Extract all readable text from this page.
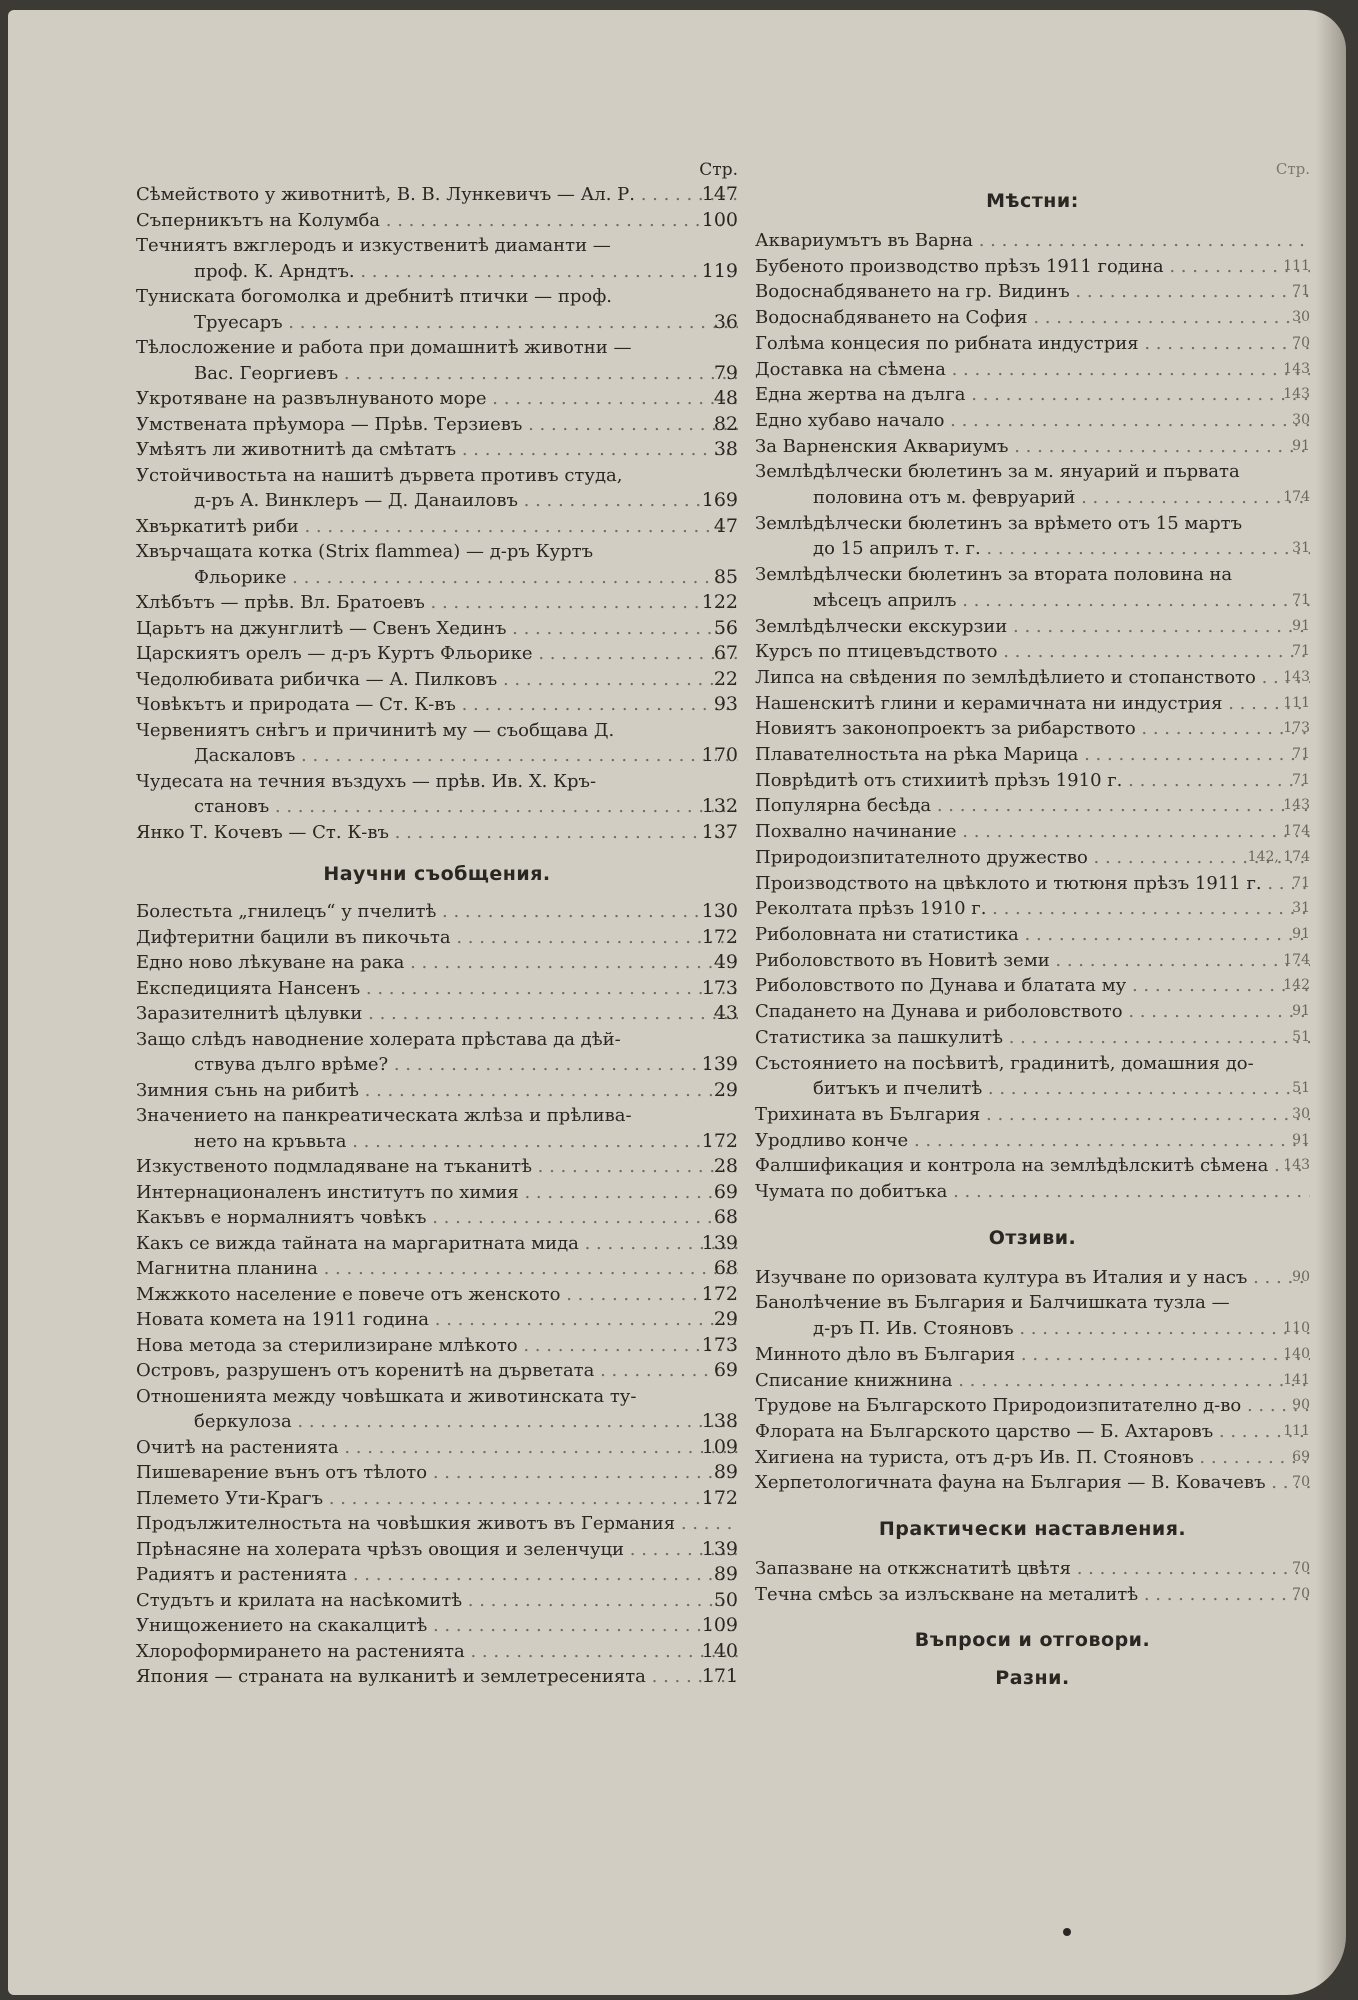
Стр.
Сѣмейството у животнитѣ, В. В. Лункевичъ — Ал. Р. . . .	147
Съперникътъ на Колумба . . .	100
Течниятъ вжглеродъ и изкуственитѣ диаманти —
проф. К. Арндтъ. . . .	119
Туниската богомолка и дребнитѣ птички — проф.
Труесаръ . . .	36
Тѣлосложение и работа при домашнитѣ животни —
Вас. Георгиевъ . . .	79
Укротяване на развълнуваното море . . .	48
Умствената прѣумора — Прѣв. Терзиевъ . . .	82
Умѣятъ ли животнитѣ да смѣтатъ . . .	38
Устойчивостьта на нашитѣ дървета противъ студа,
д-ръ А. Винклеръ — Д. Данаиловъ . . .	169
Хвъркатитѣ риби . . .	47
Хвърчащата котка (Strix flammea) — д-ръ Куртъ
Фльорике . . .	85
Хлѣбътъ — прѣв. Вл. Братоевъ . . .	122
Царьтъ на джунглитѣ — Свенъ Хединъ . . .	56
Царскиятъ орелъ — д-ръ Куртъ Фльорике . . .	67
Чедолюбивата рибичка — А. Пилковъ . . .	22
Човѣкътъ и природата — Ст. К-въ . . .	93
Червениятъ снѣгъ и причинитѣ му — съобщава Д.
Даскаловъ . . .	170
Чудесата на течния въздухъ — прѣв. Ив. Х. Кръ-
становъ . . .	132
Янко Т. Кочевъ — Ст. К-въ . . .	137
Научни съобщения.
Болестьта „гнилецъ“ у пчелитѣ . . .	130
Дифтеритни бацили въ пикочьта . . .	172
Едно ново лѣкуване на рака . . .	49
Експедицията Нансенъ . . .	173
Заразителнитѣ цѣлувки . . .	43
Защо слѣдъ наводнение холерата прѣстава да дѣй-
ствува дълго врѣме? . . .	139
Зимния сънь на рибитѣ . . .	29
Значението на панкреатическата жлѣза и прѣлива-
нето на кръвьта . . .	172
Изкуственото подмладяване на тъканитѣ . . .	28
Интернационаленъ институтъ по химия . . .	69
Какъвъ е нормалниятъ човѣкъ . . .	68
Какъ се вижда тайната на маргаритната мида . . .	139
Магнитна планина . . .	68
Мжжкото население е повече отъ женското . . .	172
Новата комета на 1911 година . . .	29
Нова метода за стерилизиране млѣкото . . .	173
Островъ, разрушенъ отъ коренитѣ на дърветата . . .	69
Отношенията между човѣшката и животинската ту-
беркулоза . . .	138
Очитѣ на растенията . . .	109
Пишеварение вънъ отъ тѣлото . . .	89
Племето Ути-Крагъ . . .	172
Продължителностьта на човѣшкия животъ въ Германия . . .
Прѣнасяне на холерата чрѣзъ овощия и зеленчуци . . .	139
Радиятъ и растенията . . .	89
Студътъ и крилата на насѣкомитѣ . . .	50
Унищожението на скакалцитѣ . . .	109
Хлороформирането на растенията . . .	140
Япония — страната на вулканитѣ и землетресенията . . .	171
Стр.
Мѣстни:
Аквариумътъ въ Варна . . .
Бубеното производство прѣзъ 1911 година . . .	111
Водоснабдяването на гр. Видинъ . . .	71
Водоснабдяването на София . . .	30
Голѣма концесия по рибната индустрия . . .	70
Доставка на сѣмена . . .	143
Една жертва на дълга . . .	143
Едно хубаво начало . . .	30
За Варненския Аквариумъ . . .	91
Землѣдѣлчески бюлетинъ за м. януарий и първата
половина отъ м. февруарий . . .	174
Землѣдѣлчески бюлетинъ за врѣмето отъ 15 мартъ
до 15 априлъ т. г. . . .	31
Землѣдѣлчески бюлетинъ за втората половина на
мѣсецъ априлъ . . .	71
Землѣдѣлчески екскурзии . . .	91
Курсъ по птицевъдството . . .	71
Липса на свѣдения по землѣдѣлието и стопанството . . .	143
Нашенскитѣ глини и керамичната ни индустрия . . .	111
Новиятъ законопроектъ за рибарството . . .	173
Плавателностьта на рѣка Марица . . .	71
Поврѣдитѣ отъ стихиитѣ прѣзъ 1910 г. . . .	71
Популярна бесѣда . . .	143
Похвално начинание . . .	174
Природоизпитателното дружество . . .	142, 174
Производството на цвѣклото и тютюня прѣзъ 1911 г. . . .	71
Реколтата прѣзъ 1910 г. . . .	31
Риболовната ни статистика . . .	91
Риболовството въ Новитѣ земи . . .	174
Риболовството по Дунава и блатата му . . .	142
Спадането на Дунава и риболовството . . .	91
Статистика за пашкулитѣ . . .	51
Състоянието на посѣвитѣ, градинитѣ, домашния до-
битъкъ и пчелитѣ . . .	51
Трихината въ България . . .	30
Уродливо конче . . .	91
Фалшификация и контрола на землѣдѣлскитѣ сѣмена . . .	143
Чумата по добитъка . . .
Отзиви.
Изучване по оризовата култура въ Италия и у насъ . . .	90
Банолѣчение въ България и Балчишката тузла —
д-ръ П. Ив. Стояновъ . . .	110
Минното дѣло въ България . . .	140
Списание книжнина . . .	141
Трудове на Българското Природоизпитателно д-во . . .	90
Флората на Българското царство — Б. Ахтаровъ . . .	111
Хигиена на туриста, отъ д-ръ Ив. П. Стояновъ . . .	69
Херпетологичната фауна на България — В. Ковачевъ . . .	70
Практически наставления.
Запазване на откжснатитѣ цвѣтя . . .	70
Течна смѣсь за излъскване на металитѣ . . .	70
Въпроси и отговори.
Разни.
